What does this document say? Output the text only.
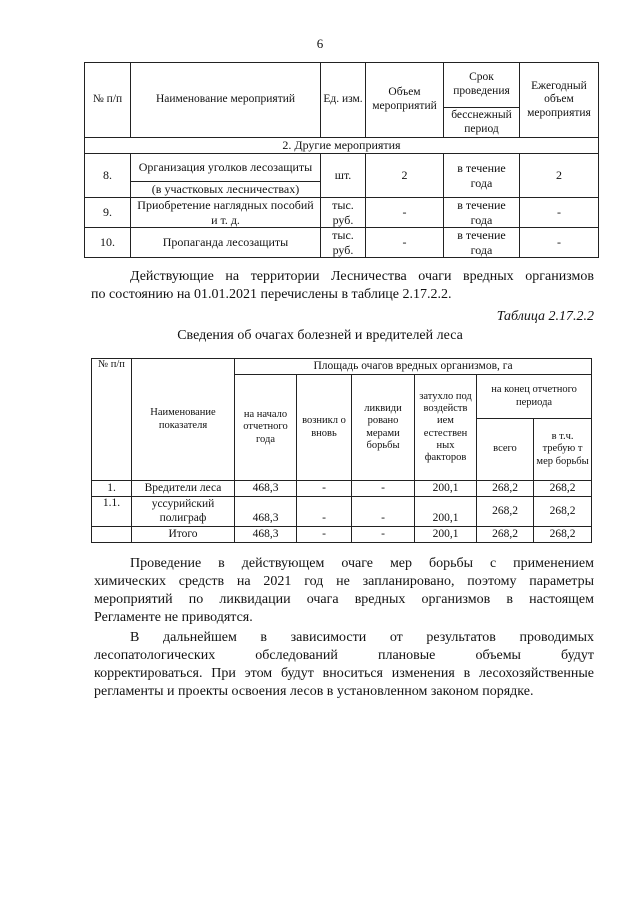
6
№ п/п	Наименование мероприятий	Ед. изм.	Объем мероприятий	Срок проведения	Ежегодный объем мероприятия
				бесснежный период	
2. Другие мероприятия					
8.	Организация уголков лесозащиты	шт.	2	в течение года	2
	(в участковых лесничествах)				
9.	Приобретение наглядных пособий и т. д.	тыс. руб.	-	в течение года	-
10.	Пропаганда лесозащиты	тыс. руб.	-	в течение года	-

Действующие на территории Лесничества очаги вредных организмов

по состоянию на 01.01.2021 перечислены в таблице 2.17.2.2.

Таблица 2.17.2.2
Сведения об очагах болезней и вредителей леса
№ п/п	Наименование показателя	Площадь очагов вредных организмов, га					
		на начало отчетного года	возникл о вновь	ликвиди ровано мерами борьбы	затухло под воздейств ием естествен ных факторов	на конец отчетного периода	
						всего	в т.ч. требую т мер борьбы
1.	Вредители леса	468,3	-	-	200,1	268,2	268,2
1.1.	уссурийский полиграф	468,3	-	-	200,1	268,2	268,2
	Итого	468,3	-	-	200,1	268,2	268,2

Проведение в действующем очаге мер борьбы с применением

химических средств на 2021 год не запланировано, поэтому параметры

мероприятий по ликвидации очага вредных организмов в настоящем

Регламенте не приводятся.

В дальнейшем в зависимости от результатов проводимых

лесопатологических обследований плановые объемы будут

корректироваться. При этом будут вноситься изменения в лесохозяйственные

регламенты и проекты освоения лесов в установленном законом порядке.
